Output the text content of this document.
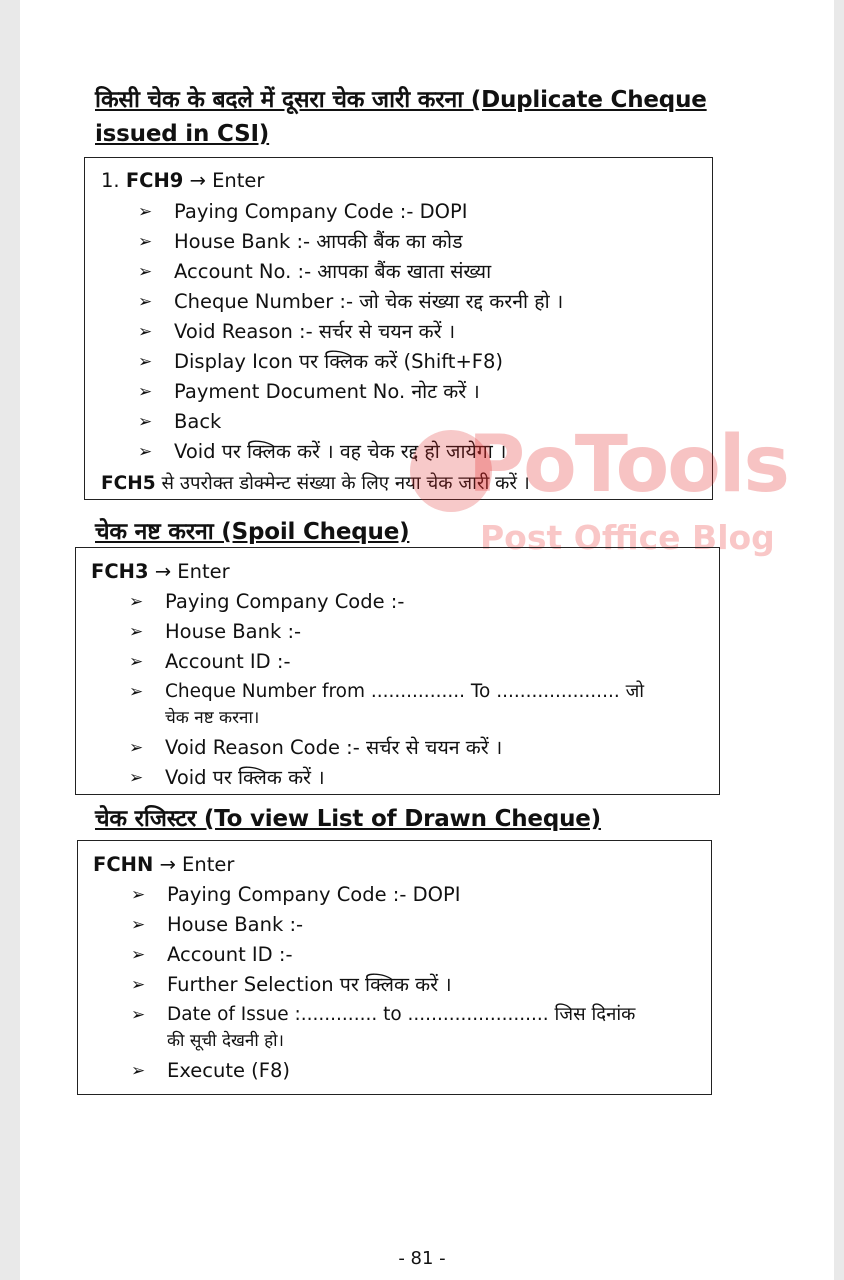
किसी चेक के बदले में दूसरा चेक जारी करना (Duplicate Cheque
issued in CSI)
1. FCH9 → Enter
➢ Paying Company Code :- DOPI
➢ House Bank :- आपकी बैंक का कोड
➢ Account No. :- आपका बैंक खाता संख्या
➢ Cheque Number :- जो चेक संख्या रद्द करनी हो ।
➢ Void Reason :- सर्चर से चयन करें ।
➢ Display Icon पर क्लिक करें (Shift+F8)
➢ Payment Document No. नोट करें ।
➢ Back
➢ Void पर क्लिक करें । वह चेक रद्द हो जायेगा ।
FCH5 से उपरोक्त डोक्मेन्ट संख्या के लिए नया चेक जारी करें ।
PoTools
Post Office Blog
चेक नष्ट करना (Spoil Cheque)
FCH3 → Enter
➢ Paying Company Code :-
➢ House Bank :-
➢ Account ID :-
➢ Cheque Number from ................ To ..................... जो
चेक नष्ट करना।
➢ Void Reason Code :- सर्चर से चयन करें ।
➢ Void पर क्लिक करें ।
चेक रजिस्टर (To view List of Drawn Cheque)
FCHN → Enter
➢ Paying Company Code :- DOPI
➢ House Bank :-
➢ Account ID :-
➢ Further Selection पर क्लिक करें ।
➢ Date of Issue :............. to ........................ जिस दिनांक
की सूची देखनी हो।
➢ Execute (F8)
- 81 -
